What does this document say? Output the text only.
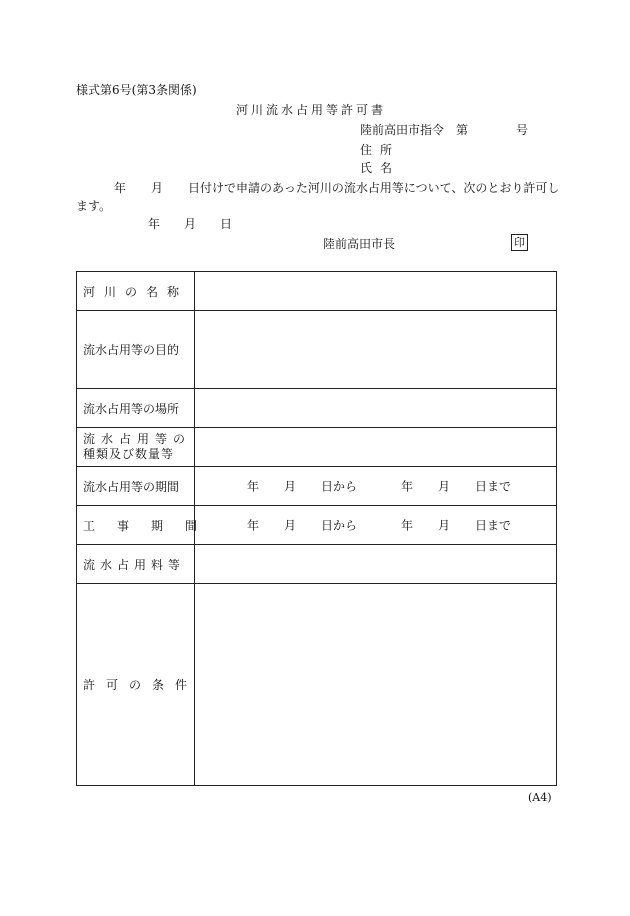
様式第6号(第3条関係)
河川流水占用等許可書
陸前高田市指令 第	号
住所
氏名
年 月 日付けで申請のあった河川の流水占用等について、次のとおり許可し
ます。
年 月 日
陸前高田市長	印
河川の名称
流水占用等の目的
流水占用等の場所
流水占用等の
種類及び数量等
流水占用等の期間	年 月 日から	年 月 日まで
工事期間 年 月 日から	年 月 日まで
流水占用料等
許可の条件
(A4)
